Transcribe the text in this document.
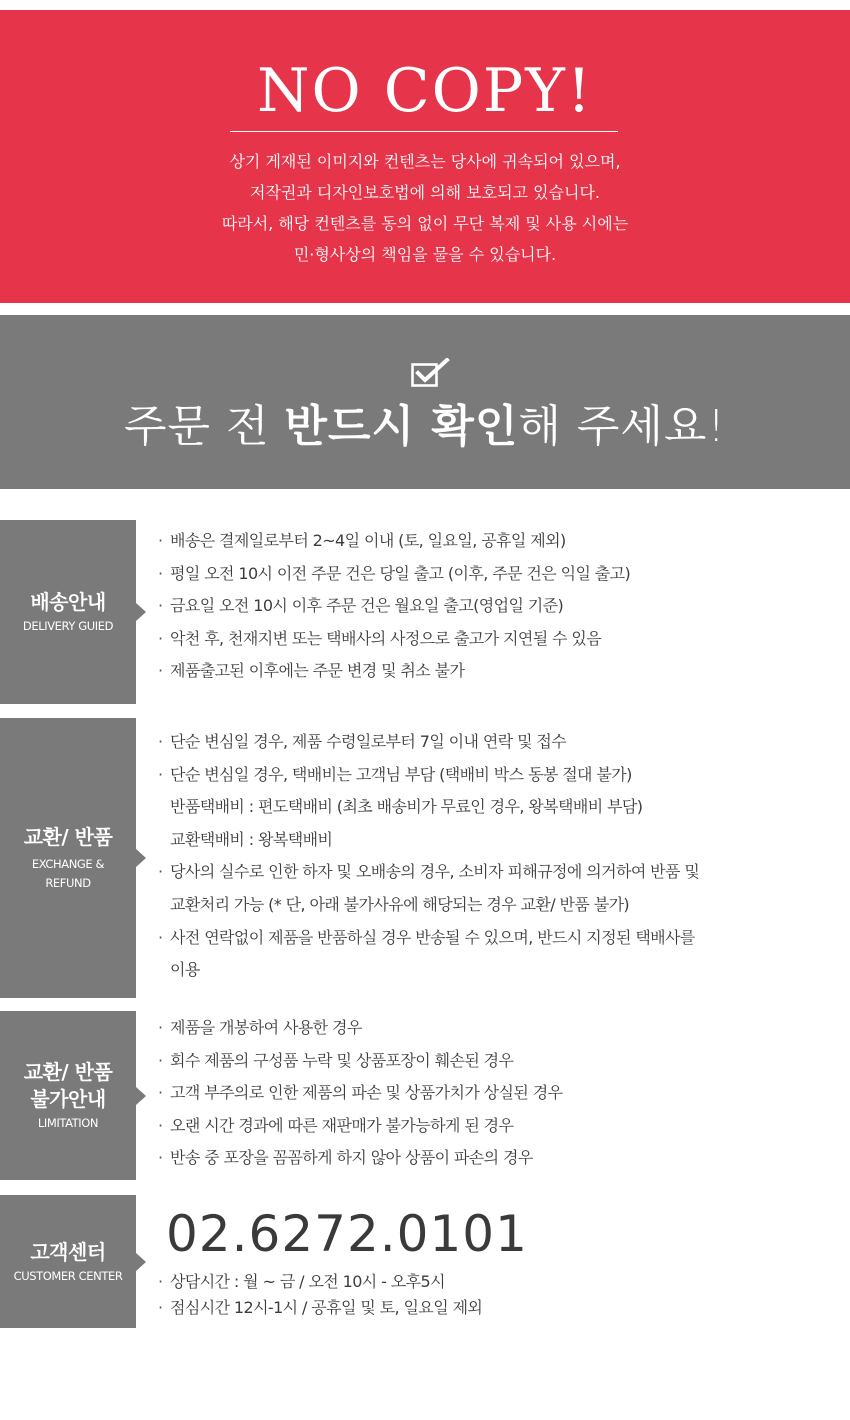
NO COPY!
상기 게재된 이미지와 컨텐츠는 당사에 귀속되어 있으며,
저작권과 디자인보호법에 의해 보호되고 있습니다.
따라서, 해당 컨텐츠를 동의 없이 무단 복제 및 사용 시에는
민·형사상의 책임을 물을 수 있습니다.
주문 전 반드시 확인해 주세요!
배송안내
DELIVERY GUIED
· 배송은 결제일로부터 2~4일 이내 (토, 일요일, 공휴일 제외)
· 평일 오전 10시 이전 주문 건은 당일 출고 (이후, 주문 건은 익일 출고)
· 금요일 오전 10시 이후 주문 건은 월요일 출고(영업일 기준)
· 악천 후, 천재지변 또는 택배사의 사정으로 출고가 지연될 수 있음
· 제품출고된 이후에는 주문 변경 및 취소 불가
교환/ 반품
EXCHANGE &
REFUND
· 단순 변심일 경우, 제품 수령일로부터 7일 이내 연락 및 접수
· 단순 변심일 경우, 택배비는 고객님 부담 (택배비 박스 동봉 절대 불가)
반품택배비 : 편도택배비 (최초 배송비가 무료인 경우, 왕복택배비 부담)
교환택배비 : 왕복택배비
· 당사의 실수로 인한 하자 및 오배송의 경우, 소비자 피해규정에 의거하여 반품 및
교환처리 가능 (* 단, 아래 불가사유에 해당되는 경우 교환/ 반품 불가)
· 사전 연락없이 제품을 반품하실 경우 반송될 수 있으며, 반드시 지정된 택배사를
이용
교환/ 반품
불가안내
LIMITATION
· 제품을 개봉하여 사용한 경우
· 회수 제품의 구성품 누락 및 상품포장이 훼손된 경우
· 고객 부주의로 인한 제품의 파손 및 상품가치가 상실된 경우
· 오랜 시간 경과에 따른 재판매가 불가능하게 된 경우
· 반송 중 포장을 꼼꼼하게 하지 않아 상품이 파손의 경우
고객센터
CUSTOMER CENTER
02.6272.0101
· 상담시간 : 월 ~ 금 / 오전 10시 - 오후5시
· 점심시간 12시-1시 / 공휴일 및 토, 일요일 제외
